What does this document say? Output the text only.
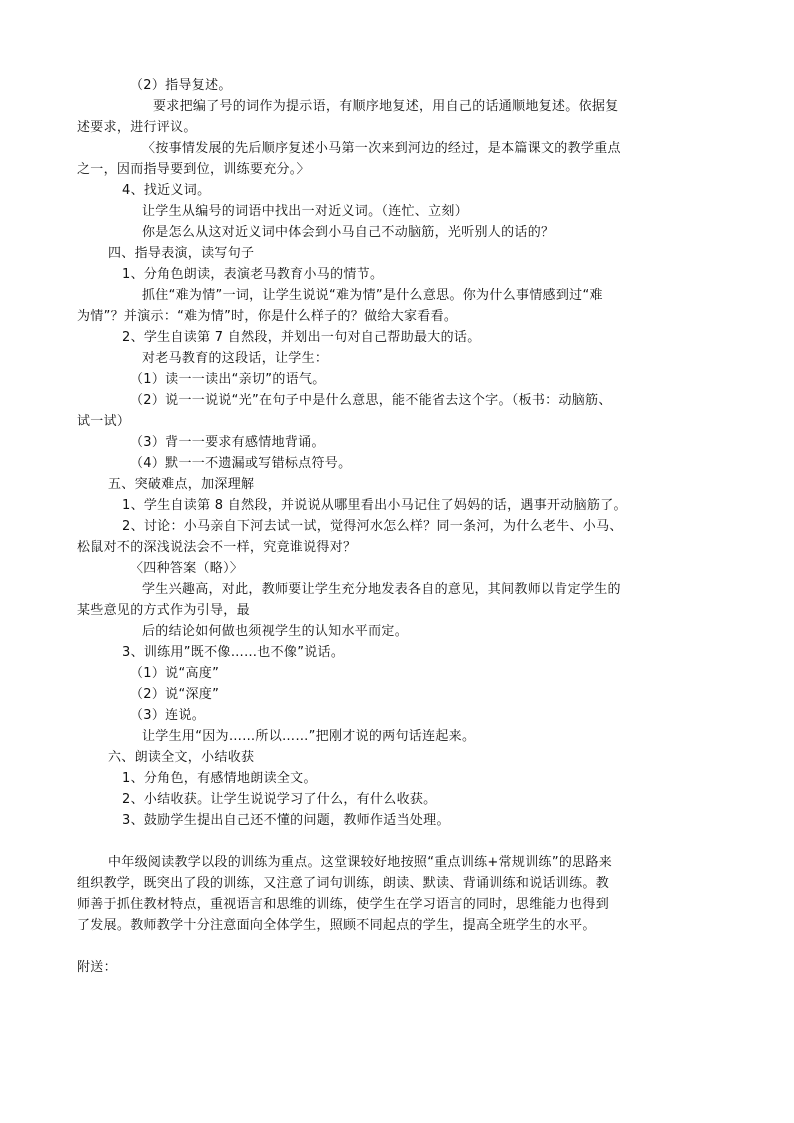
（2）指导复述。

要求把编了号的词作为提示语，有顺序地复述，用自己的话通顺地复述。依据复

述要求，进行评议。

〈按事情发展的先后顺序复述小马第一次来到河边的经过，是本篇课文的教学重点

之一，因而指导要到位，训练要充分。〉

4、找近义词。

让学生从编号的词语中找出一对近义词。（连忙、立刻）

你是怎么从这对近义词中体会到小马自己不动脑筋，光听别人的话的？

四、指导表演，读写句子

1、分角色朗读，表演老马教育小马的情节。

抓住“难为情”一词，让学生说说“难为情”是什么意思。你为什么事情感到过“难

为情”？并演示：“难为情”时，你是什么样子的？做给大家看看。

2、学生自读第 7 自然段，并划出一句对自己帮助最大的话。

对老马教育的这段话，让学生：

（1）读一一读出“亲切”的语气。

（2）说一一说说“光”在句子中是什么意思，能不能省去这个字。（板书：动脑筋、

试一试）

（3）背一一要求有感情地背诵。

（4）默一一不遗漏或写错标点符号。

五、突破难点，加深理解

1、学生自读第 8 自然段，并说说从哪里看出小马记住了妈妈的话，遇事开动脑筋了。

2、讨论：小马亲自下河去试一试，觉得河水怎么样？同一条河，为什么老牛、小马、

松鼠对不的深浅说法会不一样，究竟谁说得对？

〈四种答案（略）〉

学生兴趣高，对此，教师要让学生充分地发表各自的意见，其间教师以肯定学生的

某些意见的方式作为引导，最

后的结论如何做也须视学生的认知水平而定。

3、训练用”既不像……也不像”说话。

（1）说“高度”

（2）说“深度”

（3）连说。

让学生用“因为……所以……”把刚才说的两句话连起来。

六、朗读全文，小结收获

1、分角色，有感情地朗读全文。

2、小结收获。让学生说说学习了什么，有什么收获。

3、鼓励学生提出自己还不懂的问题，教师作适当处理。

中年级阅读教学以段的训练为重点。这堂课较好地按照“重点训练+常规训练”的思路来

组织教学，既突出了段的训练，又注意了词句训练，朗读、默读、背诵训练和说话训练。教

师善于抓住教材特点，重视语言和思维的训练，使学生在学习语言的同时，思维能力也得到

了发展。教师教学十分注意面向全体学生，照顾不同起点的学生，提高全班学生的水平。

附送：
